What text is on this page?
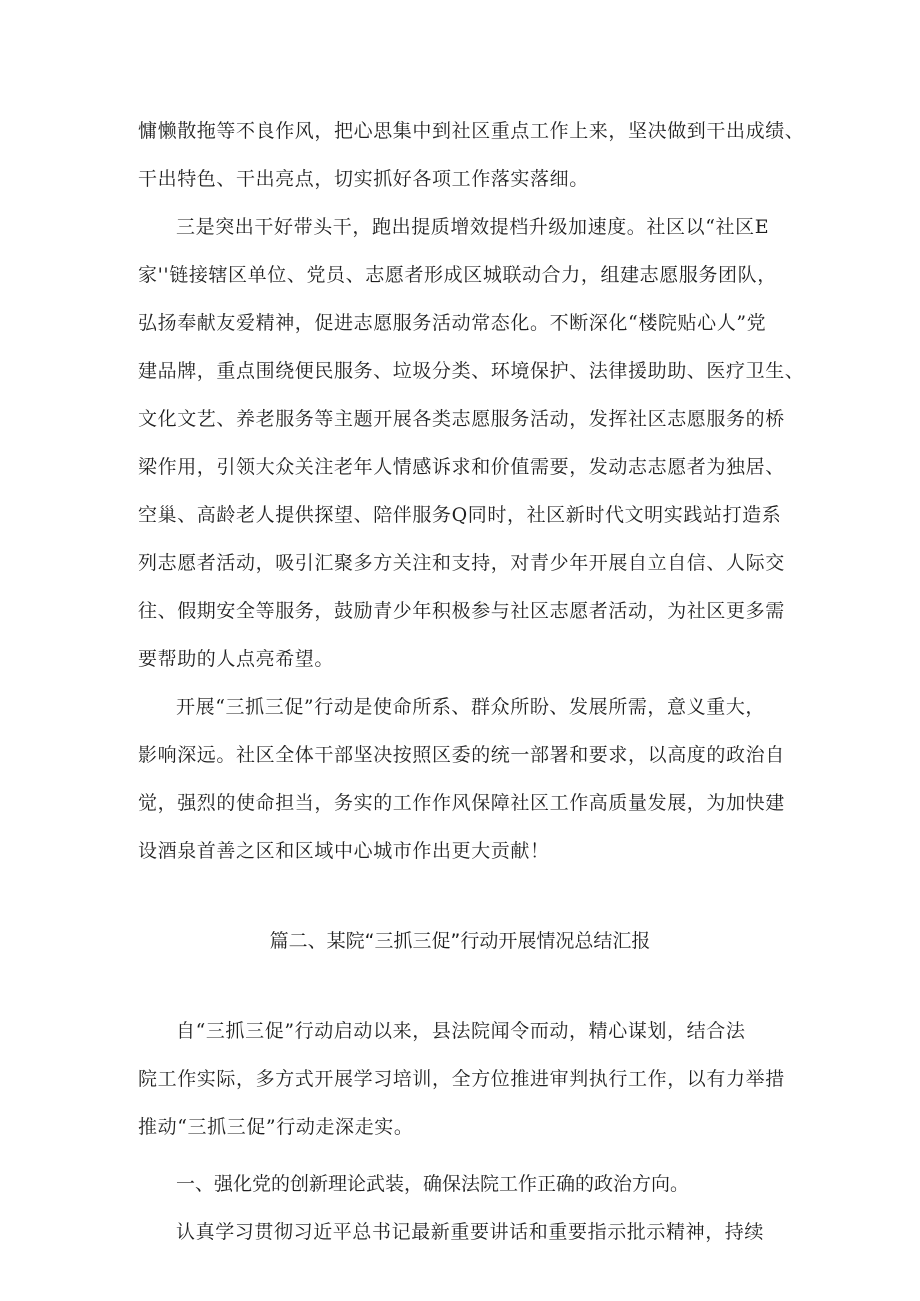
慵懒散拖等不良作风，把心思集中到社区重点工作上来，坚决做到干出成绩、
干出特色、干出亮点，切实抓好各项工作落实落细。
三是突出干好带头干，跑出提质增效提档升级加速度。社区以“社区E
家''链接辖区单位、党员、志愿者形成区城联动合力，组建志愿服务团队，
弘扬奉献友爱精神，促进志愿服务活动常态化。不断深化“楼院贴心人”党
建品牌，重点围绕便民服务、垃圾分类、环境保护、法律援助助、医疗卫生、
文化文艺、养老服务等主题开展各类志愿服务活动，发挥社区志愿服务的桥
梁作用，引领大众关注老年人情感诉求和价值需要，发动志志愿者为独居、
空巢、高龄老人提供探望、陪伴服务Q同时，社区新时代文明实践站打造系
列志愿者活动，吸引汇聚多方关注和支持，对青少年开展自立自信、人际交
往、假期安全等服务，鼓励青少年积极参与社区志愿者活动，为社区更多需
要帮助的人点亮希望。
开展“三抓三促”行动是使命所系、群众所盼、发展所需，意义重大，
影响深远。社区全体干部坚决按照区委的统一部署和要求，以高度的政治自
觉，强烈的使命担当，务实的工作作风保障社区工作高质量发展，为加快建
设酒泉首善之区和区域中心城市作出更大贡献！
篇二、某院“三抓三促”行动开展情况总结汇报
自“三抓三促”行动启动以来，县法院闻令而动，精心谋划，结合法
院工作实际，多方式开展学习培训，全方位推进审判执行工作，以有力举措
推动“三抓三促”行动走深走实。
一、强化党的创新理论武装，确保法院工作正确的政治方向。
认真学习贯彻习近平总书记最新重要讲话和重要指示批示精神，持续
